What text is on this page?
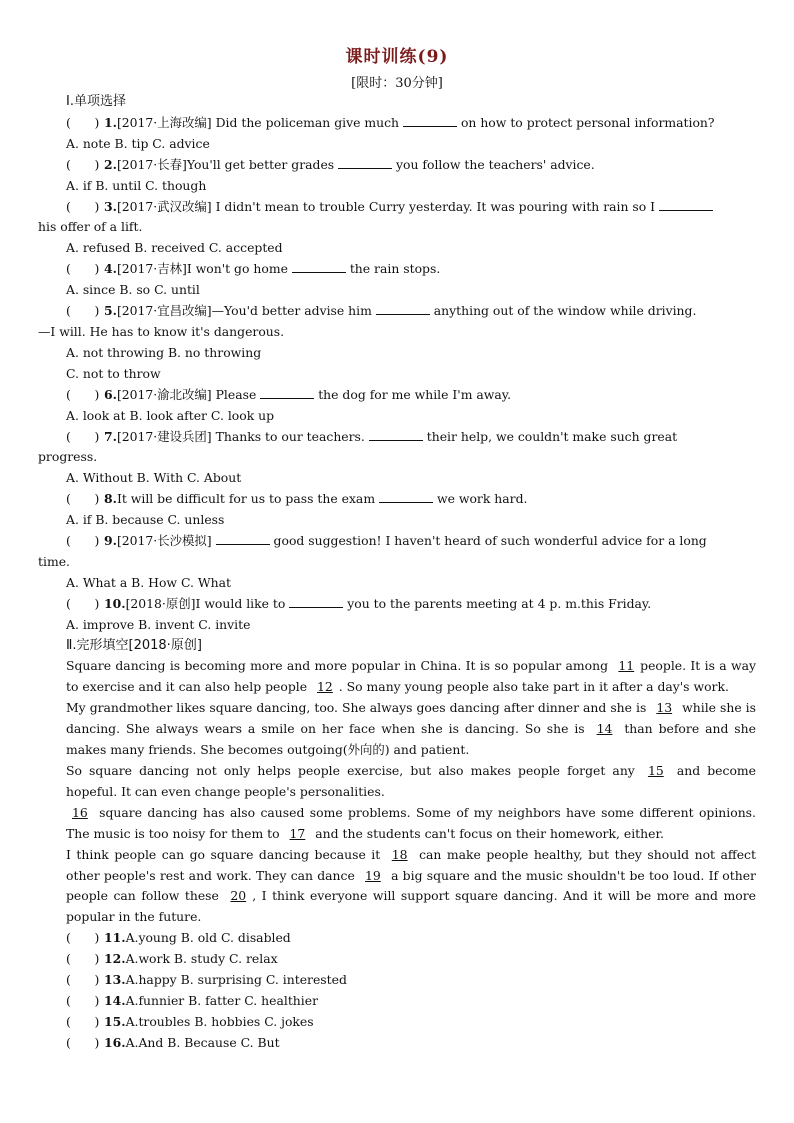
课时训练(9)
[限时：30分钟]
Ⅰ.单项选择
(      ) 1.[2017·上海改编] Did the policeman give much	on how to protect personal information?
A. note B. tip C. advice
(      ) 2.[2017·长春]You'll get better grades	you follow the teachers' advice.
A. if B. until C. though
(      ) 3.[2017·武汉改编] I didn't mean to trouble Curry yesterday. It was pouring with rain so I
his offer of a lift.
A. refused B. received C. accepted
(      ) 4.[2017·吉林]I won't go home	the rain stops.
A. since B. so C. until
(      ) 5.[2017·宜昌改编]—You'd better advise him	anything out of the window while driving.
—I will. He has to know it's dangerous.
A. not throwing B. no throwing
C. not to throw
(      ) 6.[2017·渝北改编] Please	the dog for me while I'm away.
A. look at B. look after C. look up
(      ) 7.[2017·建设兵团] Thanks to our teachers.	their help, we couldn't make such great
progress.
A. Without B. With C. About
(      ) 8.It will be difficult for us to pass the exam	we work hard.
A. if B. because C. unless
(      ) 9.[2017·长沙模拟]	good suggestion! I haven't heard of such wonderful advice for a long
time.
A. What a B. How C. What
(      ) 10.[2018·原创]I would like to	you to the parents meeting at 4 p. m.this Friday.
A. improve B. invent C. invite
Ⅱ.完形填空[2018·原创]
Square dancing is becoming more and more popular in China. It is so popular among 11 people. It is a way to exercise and it can also help people 12 . So many young people also take part in it after a day's work.
My grandmother likes square dancing, too. She always goes dancing after dinner and she is 13 while she is dancing. She always wears a smile on her face when she is dancing. So she is 14 than before and she makes many friends. She becomes outgoing(外向的) and patient.
So square dancing not only helps people exercise, but also makes people forget any 15 and become hopeful. It can even change people's personalities.
16 square dancing has also caused some problems. Some of my neighbors have some different opinions. The music is too noisy for them to 17 and the students can't focus on their homework, either.
I think people can go square dancing because it 18 can make people healthy, but they should not affect other people's rest and work. They can dance 19 a big square and the music shouldn't be too loud. If other people can follow these 20 , I think everyone will support square dancing. And it will be more and more popular in the future.
(      ) 11.A.young B. old C. disabled
(      ) 12.A.work B. study C. relax
(      ) 13.A.happy B. surprising C. interested
(      ) 14.A.funnier B. fatter C. healthier
(      ) 15.A.troubles B. hobbies C. jokes
(      ) 16.A.And B. Because C. But
